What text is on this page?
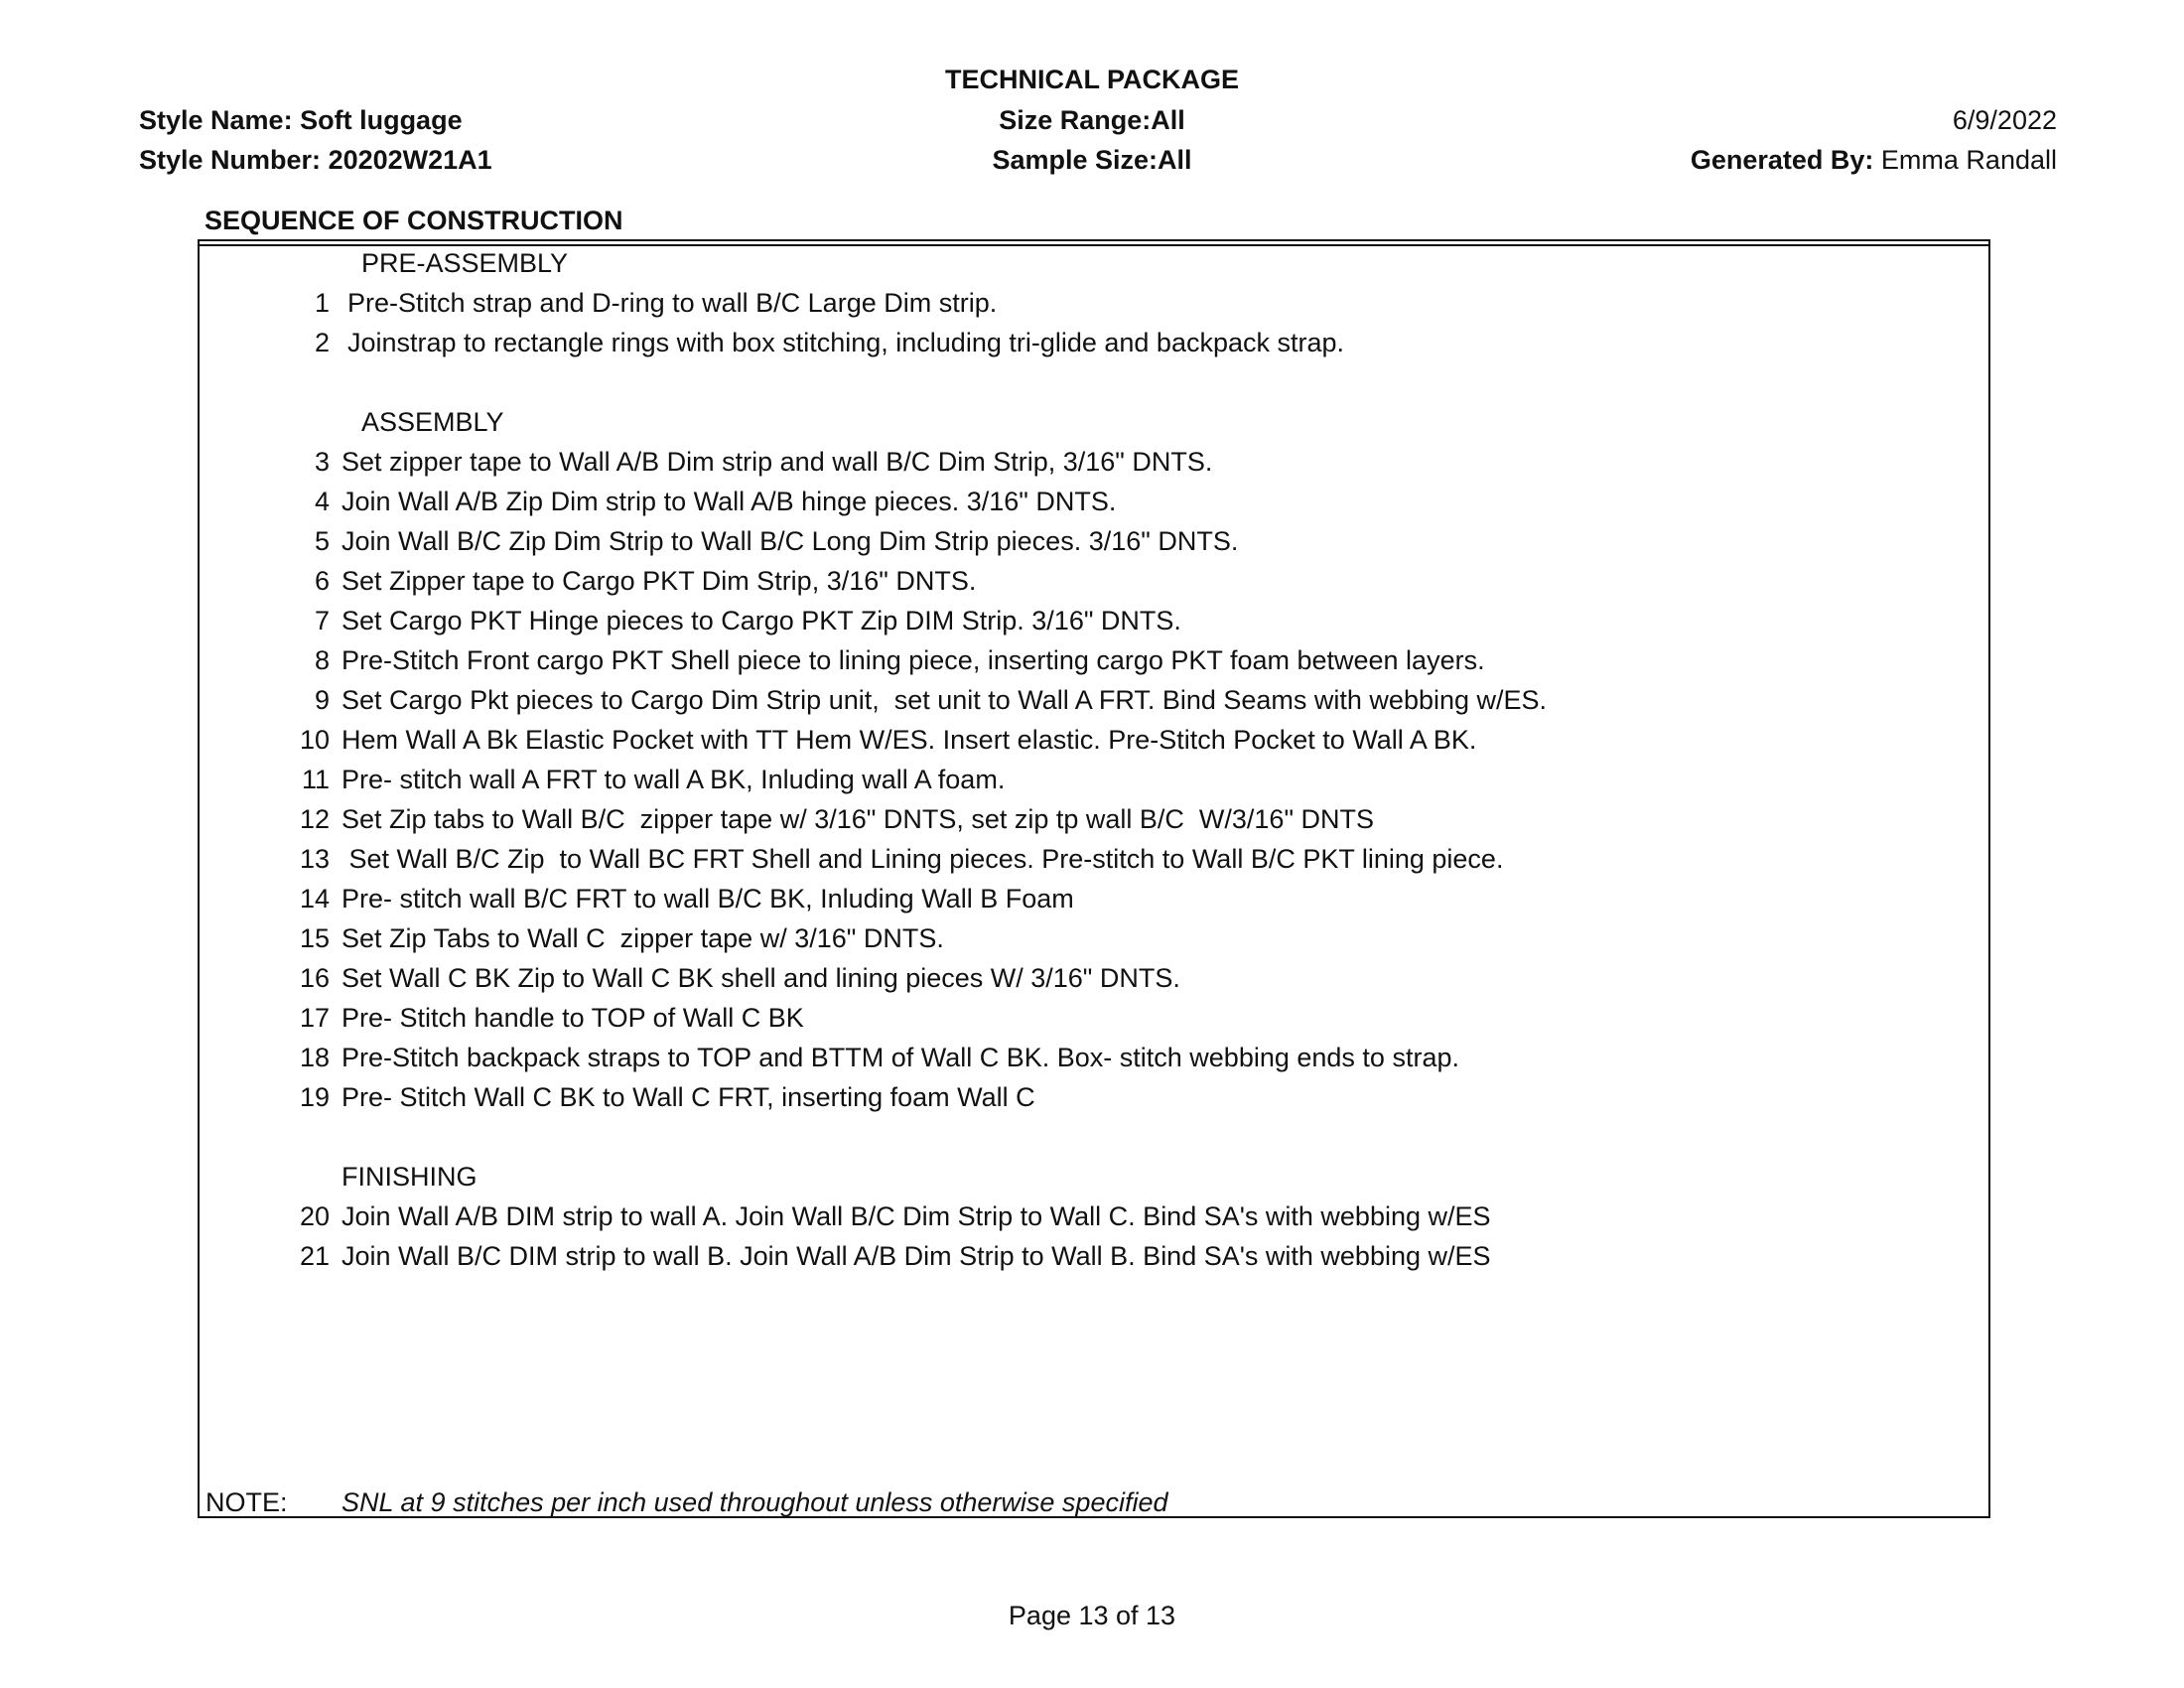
TECHNICAL PACKAGE
Size Range:All
Sample Size:All
Style Name: Soft luggage
Style Number: 20202W21A1
6/9/2022
Generated By: Emma Randall
SEQUENCE OF CONSTRUCTION
PRE-ASSEMBLY
ASSEMBLY
FINISHING
1 Pre-Stitch strap and D-ring to wall B/C Large Dim strip.
2 Joinstrap to rectangle rings with box stitching, including tri-glide and backpack strap.
3 Set zipper tape to Wall A/B Dim strip and wall B/C Dim Strip, 3/16" DNTS.
4 Join Wall A/B Zip Dim strip to Wall A/B hinge pieces. 3/16" DNTS.
5 Join Wall B/C Zip Dim Strip to Wall B/C Long Dim Strip pieces. 3/16" DNTS.
6 Set Zipper tape to Cargo PKT Dim Strip, 3/16" DNTS.
7 Set Cargo PKT Hinge pieces to Cargo PKT Zip DIM Strip. 3/16" DNTS.
8 Pre-Stitch Front cargo PKT Shell piece to lining piece, inserting cargo PKT foam between layers.
9 Set Cargo Pkt pieces to Cargo Dim Strip unit,  set unit to Wall A FRT. Bind Seams with webbing w/ES.
10 Hem Wall A Bk Elastic Pocket with TT Hem W/ES. Insert elastic. Pre-Stitch Pocket to Wall A BK.
11 Pre- stitch wall A FRT to wall A BK, Inluding wall A foam.
12 Set Zip tabs to Wall B/C  zipper tape w/ 3/16" DNTS, set zip tp wall B/C  W/3/16" DNTS
13 Set Wall B/C Zip  to Wall BC FRT Shell and Lining pieces. Pre-stitch to Wall B/C PKT lining piece.
14 Pre- stitch wall B/C FRT to wall B/C BK, Inluding Wall B Foam
15 Set Zip Tabs to Wall C  zipper tape w/ 3/16" DNTS.
16 Set Wall C BK Zip to Wall C BK shell and lining pieces W/ 3/16" DNTS.
17 Pre- Stitch handle to TOP of Wall C BK
18 Pre-Stitch backpack straps to TOP and BTTM of Wall C BK. Box- stitch webbing ends to strap.
19 Pre- Stitch Wall C BK to Wall C FRT, inserting foam Wall C
20 Join Wall A/B DIM strip to wall A. Join Wall B/C Dim Strip to Wall C. Bind SA's with webbing w/ES
21 Join Wall B/C DIM strip to wall B. Join Wall A/B Dim Strip to Wall B. Bind SA's with webbing w/ES
NOTE: SNL at 9 stitches per inch used throughout unless otherwise specified
Page 13 of 13
